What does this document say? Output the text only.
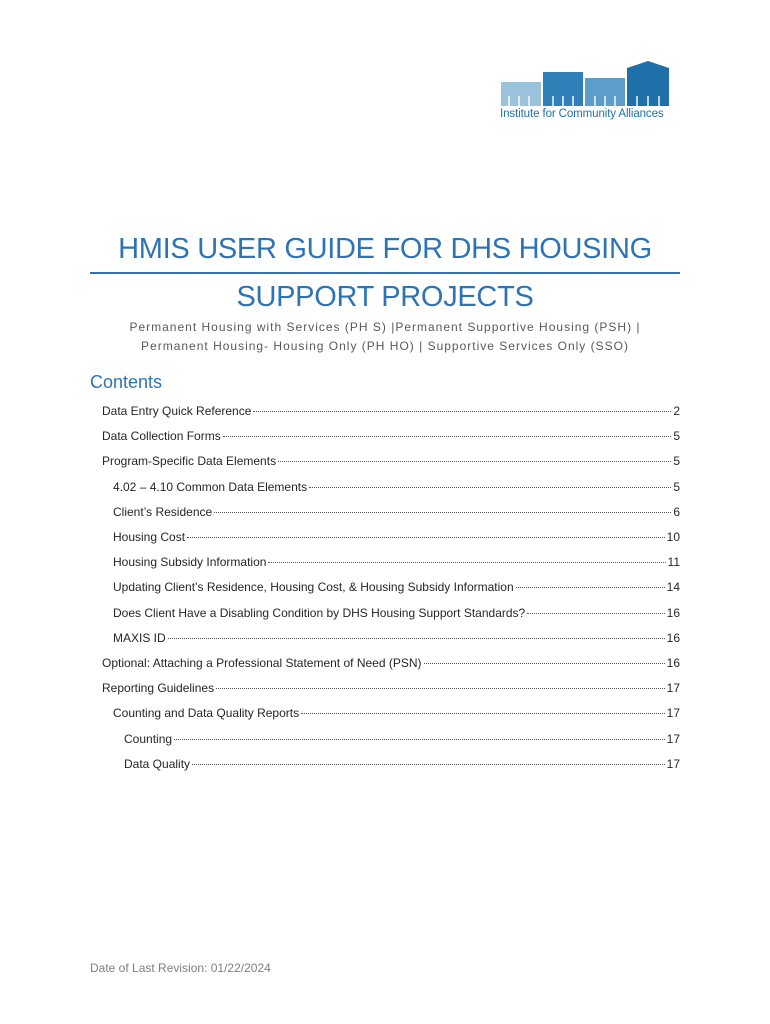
Institute for Community Alliances
HMIS USER GUIDE FOR DHS HOUSING
SUPPORT PROJECTS
Permanent Housing with Services (PH S) |Permanent Supportive Housing (PSH) |
Permanent Housing- Housing Only (PH HO) | Supportive Services Only (SSO)
Contents
Data Entry Quick Reference	2
Data Collection Forms	5
Program-Specific Data Elements	5
4.02 – 4.10 Common Data Elements	5
Client’s Residence	6
Housing Cost	10
Housing Subsidy Information	11
Updating Client’s Residence, Housing Cost, & Housing Subsidy Information	14
Does Client Have a Disabling Condition by DHS Housing Support Standards?	16
MAXIS ID	16
Optional: Attaching a Professional Statement of Need (PSN)	16
Reporting Guidelines	17
Counting and Data Quality Reports	17
Counting	17
Data Quality	17
Date of Last Revision: 01/22/2024
